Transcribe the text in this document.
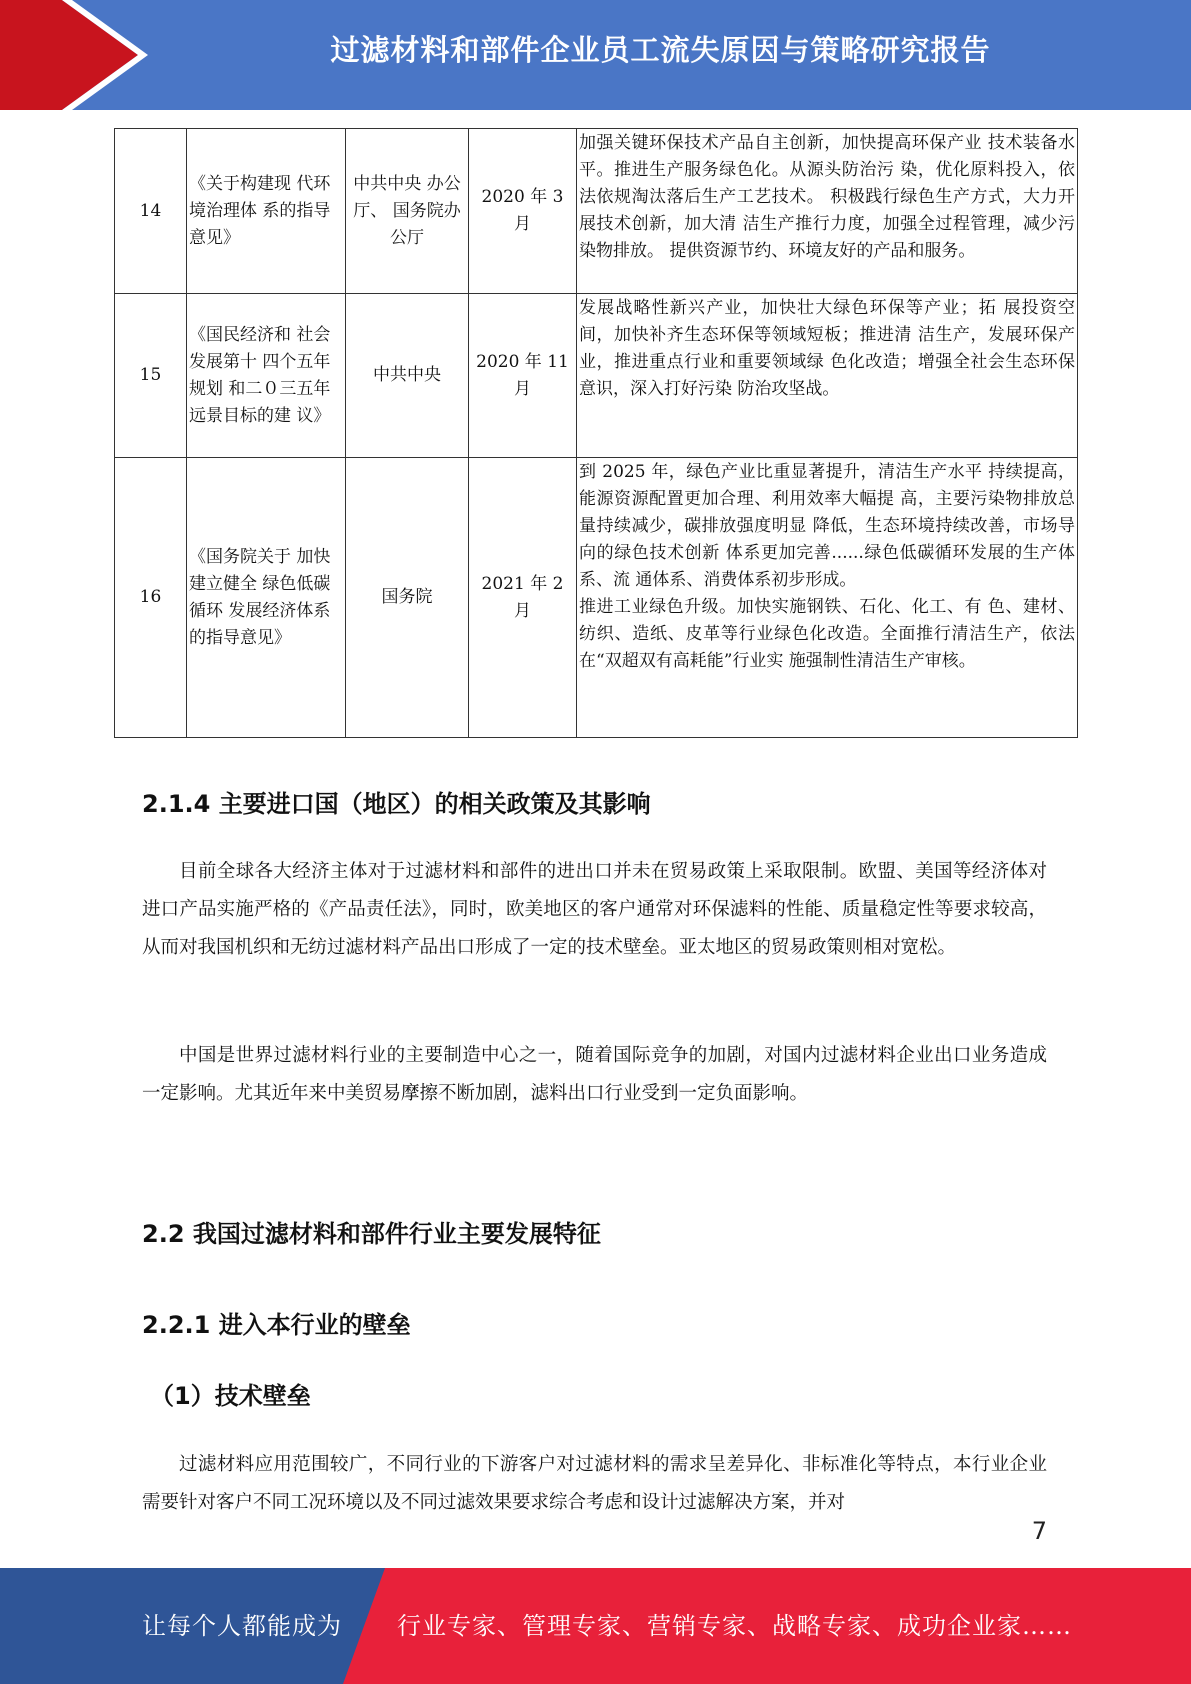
过滤材料和部件企业员工流失原因与策略研究报告
14	《关于构建现 代环境治理体 系的指导意见》	中共中央 办公厅、 国务院办 公厅	2020 年 3 月	加强关键环保技术产品自主创新，加快提高环保产业 技术装备水平。推进生产服务绿色化。从源头防治污 染，优化原料投入，依法依规淘汰落后生产工艺技术。 积极践行绿色生产方式，大力开展技术创新，加大清 洁生产推行力度，加强全过程管理，减少污染物排放。 提供资源节约、环境友好的产品和服务。
15	《国民经济和 社会发展第十 四个五年规划 和二０三五年 远景目标的建 议》	中共中央	2020 年 11 月	发展战略性新兴产业，加快壮大绿色环保等产业；拓 展投资空间，加快补齐生态环保等领域短板；推进清 洁生产，发展环保产业，推进重点行业和重要领域绿 色化改造；增强全社会生态环保意识，深入打好污染 防治攻坚战。
16	《国务院关于 加快建立健全 绿色低碳循环 发展经济体系 的指导意见》	国务院	2021 年 2 月	到 2025 年，绿色产业比重显著提升，清洁生产水平 持续提高，能源资源配置更加合理、利用效率大幅提 高，主要污染物排放总量持续减少，碳排放强度明显 降低，生态环境持续改善，市场导向的绿色技术创新 体系更加完善......绿色低碳循环发展的生产体系、流 通体系、消费体系初步形成。
推进工业绿色升级。加快实施钢铁、石化、化工、有 色、建材、纺织、造纸、皮革等行业绿色化改造。全面推行清洁生产，依法在“双超双有高耗能”行业实 施强制性清洁生产审核。
2.1.4 主要进口国（地区）的相关政策及其影响

目前全球各大经济主体对于过滤材料和部件的进出口并未在贸易政策上采取限制。欧盟、美国等经济体对进口产品实施严格的《产品责任法》，同时，欧美地区的客户通常对环保滤料的性能、质量稳定性等要求较高，从而对我国机织和无纺过滤材料产品出口形成了一定的技术壁垒。亚太地区的贸易政策则相对宽松。

中国是世界过滤材料行业的主要制造中心之一，随着国际竞争的加剧，对国内过滤材料企业出口业务造成一定影响。尤其近年来中美贸易摩擦不断加剧，滤料出口行业受到一定负面影响。

2.2 我国过滤材料和部件行业主要发展特征
2.2.1 进入本行业的壁垒
（1）技术壁垒

过滤材料应用范围较广，不同行业的下游客户对过滤材料的需求呈差异化、非标准化等特点，本行业企业需要针对客户不同工况环境以及不同过滤效果要求综合考虑和设计过滤解决方案，并对

7
让每个人都能成为 行业专家、管理专家、营销专家、战略专家、成功企业家……
